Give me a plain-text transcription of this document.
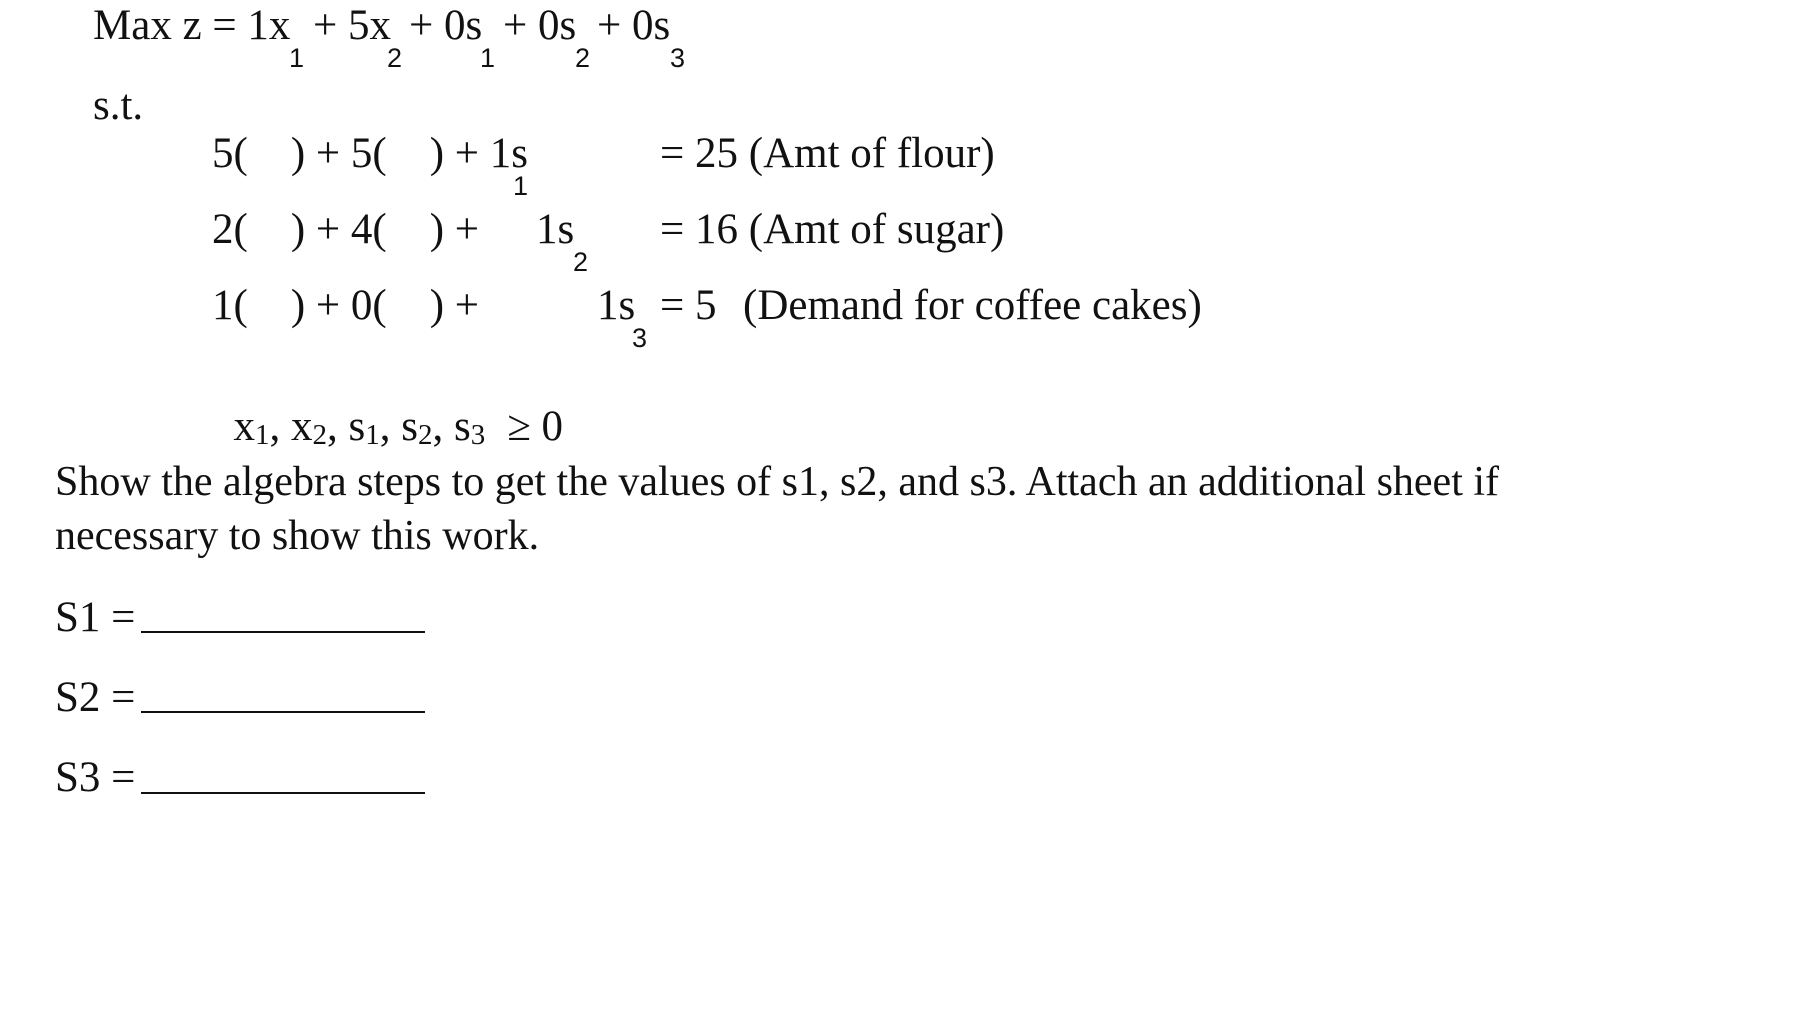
Max z = 1x + 5x + 0s + 0s + 0s
1	2	1	2	3
s.t.
5(    ) + 5(    ) + 1s
1
= 25 (Amt of flour)
2(    ) + 4(    ) + 1s
2
= 16 (Amt of sugar)
1(    ) + 0(    ) +	1s
3
= 5 (Demand for coffee cakes)

x1, x2, s1, s2, s3 ≥ 0

Show the algebra steps to get the values of s1, s2, and s3. Attach an additional sheet if necessary to show this work.
S1 =
S2 =
S3 =
